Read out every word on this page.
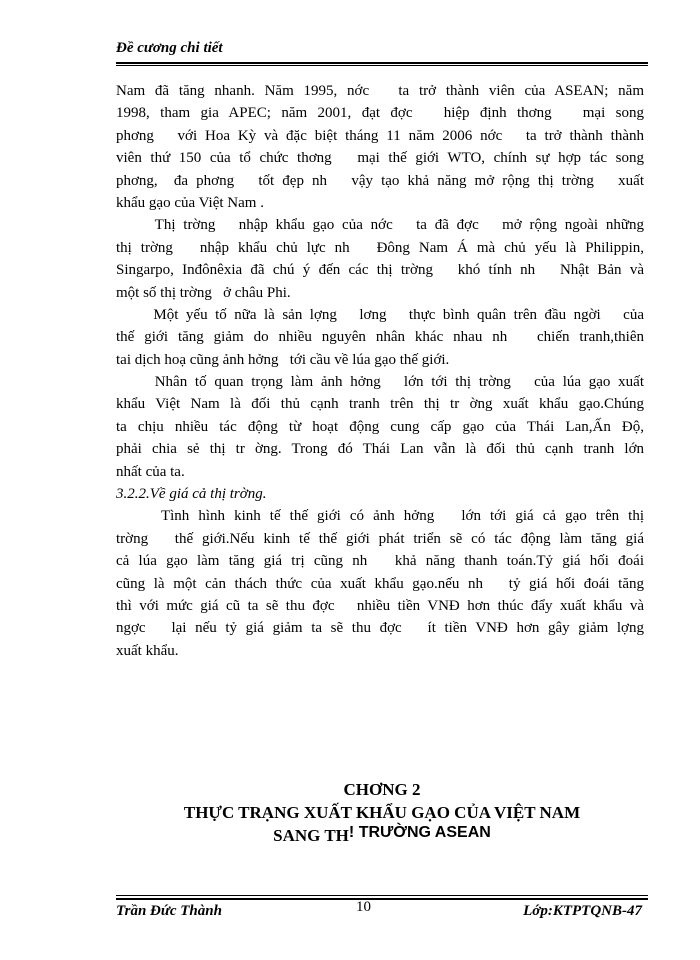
Đề cương chi tiết
Nam đã tăng nhanh. Năm 1995, nớc   ta trở thành viên của ASEAN; năm
1998, tham gia APEC; năm 2001, đạt đợc   hiệp định thơng   mại song
phơng   với Hoa Kỳ và đặc biệt tháng 11 năm 2006 nớc   ta trở thành thành
viên thứ 150 của tổ chức thơng   mại thế giới WTO, chính sự hợp tác song
phơng,  đa phơng   tốt đẹp nh   vậy tạo khả năng mở rộng thị trờng   xuất
khẩu gạo của Việt Nam .
Thị trờng   nhập khẩu gạo của nớc   ta đã đợc   mở rộng ngoài những
thị trờng   nhập khẩu chủ lực nh   Đông Nam Á mà chủ yếu là Philippin,
Singarpo, Inđônêxia đã chú ý đến các thị trờng   khó tính nh   Nhật Bản và
một số thị trờng   ở châu Phi.
Một yếu tố nữa là sản lợng   lơng   thực bình quân trên đầu ngời   của
thế giới tăng giảm do nhiều nguyên nhân khác nhau nh   chiến tranh,thiên
tai dịch hoạ cũng ảnh hởng   tới cầu về lúa gạo thế giới.
Nhân tố quan trọng làm ảnh hởng   lớn tới thị trờng   của lúa gạo xuất
khẩu Việt Nam là đối thủ cạnh tranh trên thị tr ờng xuất khẩu gạo.Chúng
ta chịu nhiều tác động từ hoạt động cung cấp gạo của Thái Lan,Ấn Độ,
phải chia sẻ thị tr ờng. Trong đó Thái Lan vẫn là đối thủ cạnh tranh lớn
nhất của ta.
3.2.2.Về giá cả thị trờng.
Tình hình kinh tế thế giới có ảnh hởng   lớn tới giá cả gạo trên thị
trờng   thế giới.Nếu kinh tế thế giới phát triển sẽ có tác động làm tăng giá
cả lúa gạo làm tăng giá trị cũng nh   khả năng thanh toán.Tỷ giá hối đoái
cũng là một cản thách thức của xuất khẩu gạo.nếu nh   tỷ giá hối đoái tăng
thì với mức giá cũ ta sẽ thu đợc   nhiều tiền VNĐ hơn thúc đẩy xuất khẩu và
ngợc   lại nếu tỷ giá giảm ta sẽ thu đợc   ít tiền VNĐ hơn gây giảm lợng
xuất khẩu.
CHƠNG 2
THỰC TRẠNG XUẤT KHẨU GẠO CỦA VIỆT NAM
SANG TH! TRƯỜNG ASEAN
Trần Đức Thành	10	Lớp:KTPTQNB-47
